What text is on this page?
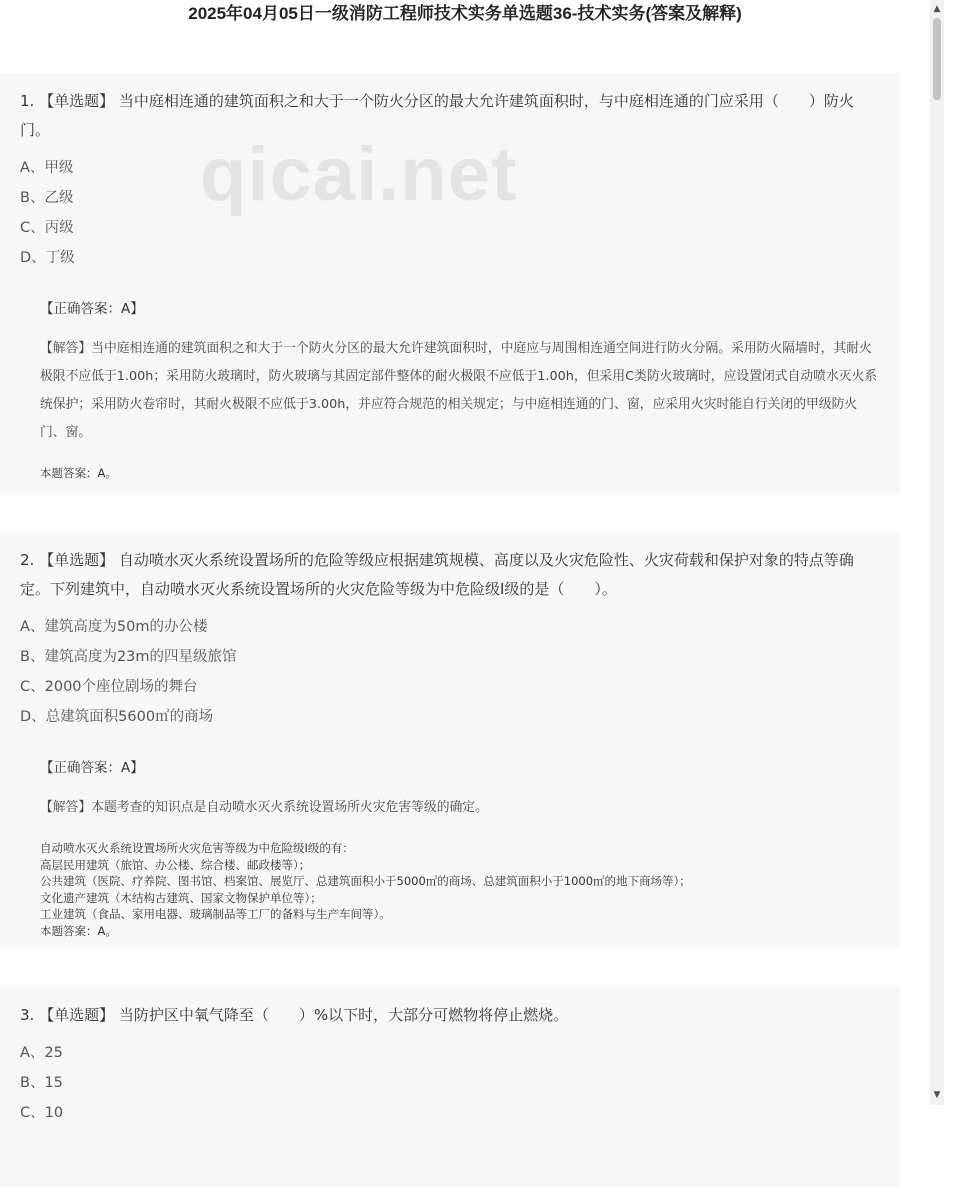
2025年04月05日一级消防工程师技术实务单选题36-技术实务(答案及解释)
qicai.net

1. 【单选题】 当中庭相连通的建筑面积之和大于一个防火分区的最大允许建筑面积时，与中庭相连通的门应采用（　　）防火门。

A、甲级
B、乙级
C、丙级
D、丁级
【正确答案：A】
【解答】当中庭相连通的建筑面积之和大于一个防火分区的最大允许建筑面积时，中庭应与周围相连通空间进行防火分隔。采用防火隔墙时，其耐火极限不应低于1.00h；采用防火玻璃时，防火玻璃与其固定部件整体的耐火极限不应低于1.00h，但采用C类防火玻璃时，应设置闭式自动喷水灭火系统保护；采用防火卷帘时，其耐火极限不应低于3.00h，并应符合规范的相关规定；与中庭相连通的门、窗，应采用火灾时能自行关闭的甲级防火门、窗。
本题答案：A。

2. 【单选题】 自动喷水灭火系统设置场所的危险等级应根据建筑规模、高度以及火灾危险性、火灾荷载和保护对象的特点等确定。下列建筑中，自动喷水灭火系统设置场所的火灾危险等级为中危险级Ⅰ级的是（　　）。

A、建筑高度为50m的办公楼
B、建筑高度为23m的四星级旅馆
C、2000个座位剧场的舞台
D、总建筑面积5600㎡的商场
【正确答案：A】
【解答】本题考查的知识点是自动喷水灭火系统设置场所火灾危害等级的确定。
自动喷水灭火系统设置场所火灾危害等级为中危险级Ⅰ级的有：
高层民用建筑（旅馆、办公楼、综合楼、邮政楼等）；
公共建筑（医院、疗养院、图书馆、档案馆、展览厅、总建筑面积小于5000㎡的商场、总建筑面积小于1000㎡的地下商场等）；
文化遗产建筑（木结构古建筑、国家文物保护单位等）；
工业建筑（食品、家用电器、玻璃制品等工厂的备料与生产车间等）。
本题答案：A。

3. 【单选题】 当防护区中氧气降至（　　）%以下时，大部分可燃物将停止燃烧。

A、25
B、15
C、10
▲
▼
